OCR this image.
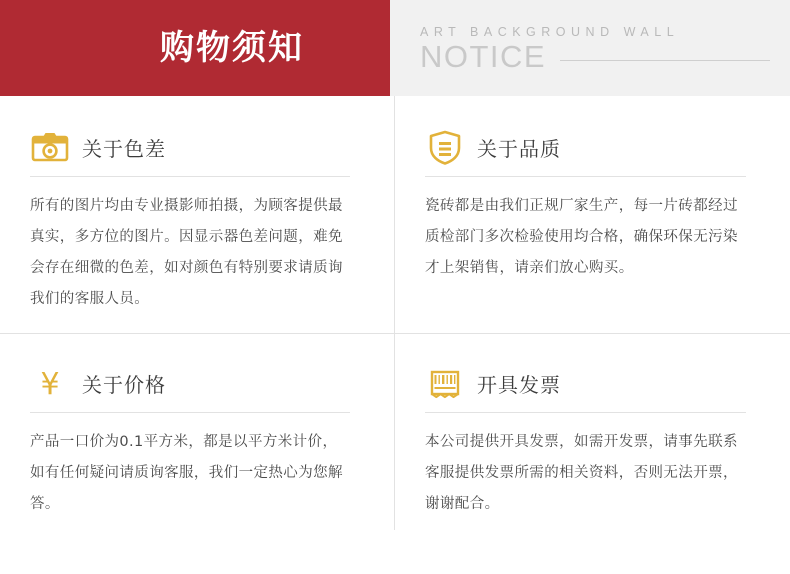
购物须知	ART BACKGROUND WALL
NOTICE
关于色差

所有的图片均由专业摄影师拍摄，为顾客提供最真实，多方位的图片。因显示器色差问题，难免会存在细微的色差，如对颜色有特别要求请质询我们的客服人员。

关于品质

瓷砖都是由我们正规厂家生产，每一片砖都经过质检部门多次检验使用均合格，确保环保无污染才上架销售，请亲们放心购买。

¥ 关于价格

产品一口价为0.1平方米，都是以平方米计价，如有任何疑问请质询客服，我们一定热心为您解答。

开具发票

本公司提供开具发票，如需开发票，请事先联系客服提供发票所需的相关资料，否则无法开票，谢谢配合。
